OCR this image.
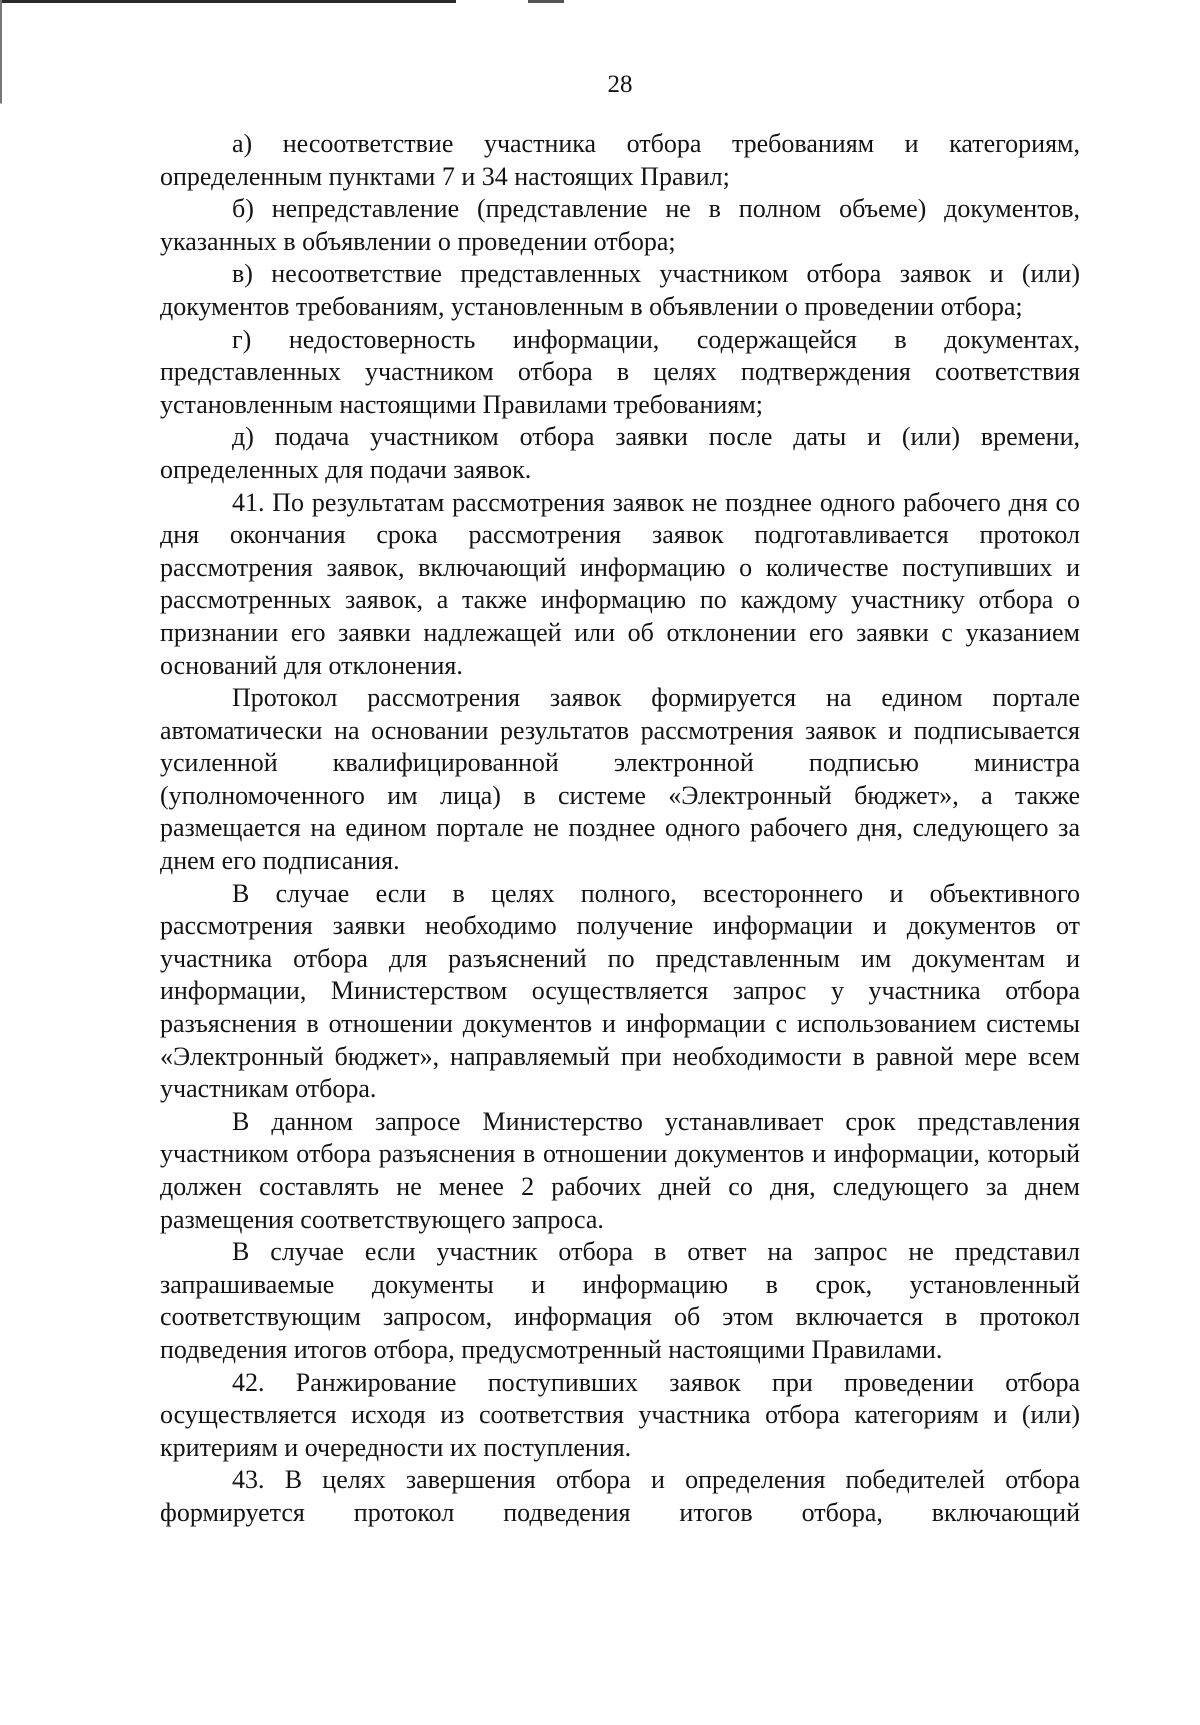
28

а) несоответствие участника отбора требованиям и категориям, определенным пунктами 7 и 34 настоящих Правил;

б) непредставление (представление не в полном объеме) документов, указанных в объявлении о проведении отбора;

в) несоответствие представленных участником отбора заявок и (или) документов требованиям, установленным в объявлении о проведении отбора;

г) недостоверность информации, содержащейся в документах, представленных участником отбора в целях подтверждения соответствия установленным настоящими Правилами требованиям;

д) подача участником отбора заявки после даты и (или) времени, определенных для подачи заявок.

41. По результатам рассмотрения заявок не позднее одного рабочего дня со дня окончания срока рассмотрения заявок подготавливается протокол рассмотрения заявок, включающий информацию о количестве поступивших и рассмотренных заявок, а также информацию по каждому участнику отбора о признании его заявки надлежащей или об отклонении его заявки с указанием оснований для отклонения.

Протокол рассмотрения заявок формируется на едином портале автоматически на основании результатов рассмотрения заявок и подписывается усиленной квалифицированной электронной подписью министра (уполномоченного им лица) в системе «Электронный бюджет», а также размещается на едином портале не позднее одного рабочего дня, следующего за днем его подписания.

В случае если в целях полного, всестороннего и объективного рассмотрения заявки необходимо получение информации и документов от участника отбора для разъяснений по представленным им документам и информации, Министерством осуществляется запрос у участника отбора разъяснения в отношении документов и информации с использованием системы «Электронный бюджет», направляемый при необходимости в равной мере всем участникам отбора.

В данном запросе Министерство устанавливает срок представления участником отбора разъяснения в отношении документов и информации, который должен составлять не менее 2 рабочих дней со дня, следующего за днем размещения соответствующего запроса.

В случае если участник отбора в ответ на запрос не представил запрашиваемые документы и информацию в срок, установленный соответствующим запросом, информация об этом включается в протокол подведения итогов отбора, предусмотренный настоящими Правилами.

42. Ранжирование поступивших заявок при проведении отбора осуществляется исходя из соответствия участника отбора категориям и (или) критериям и очередности их поступления.

43. В целях завершения отбора и определения победителей отбора формируется протокол подведения итогов отбора, включающий
